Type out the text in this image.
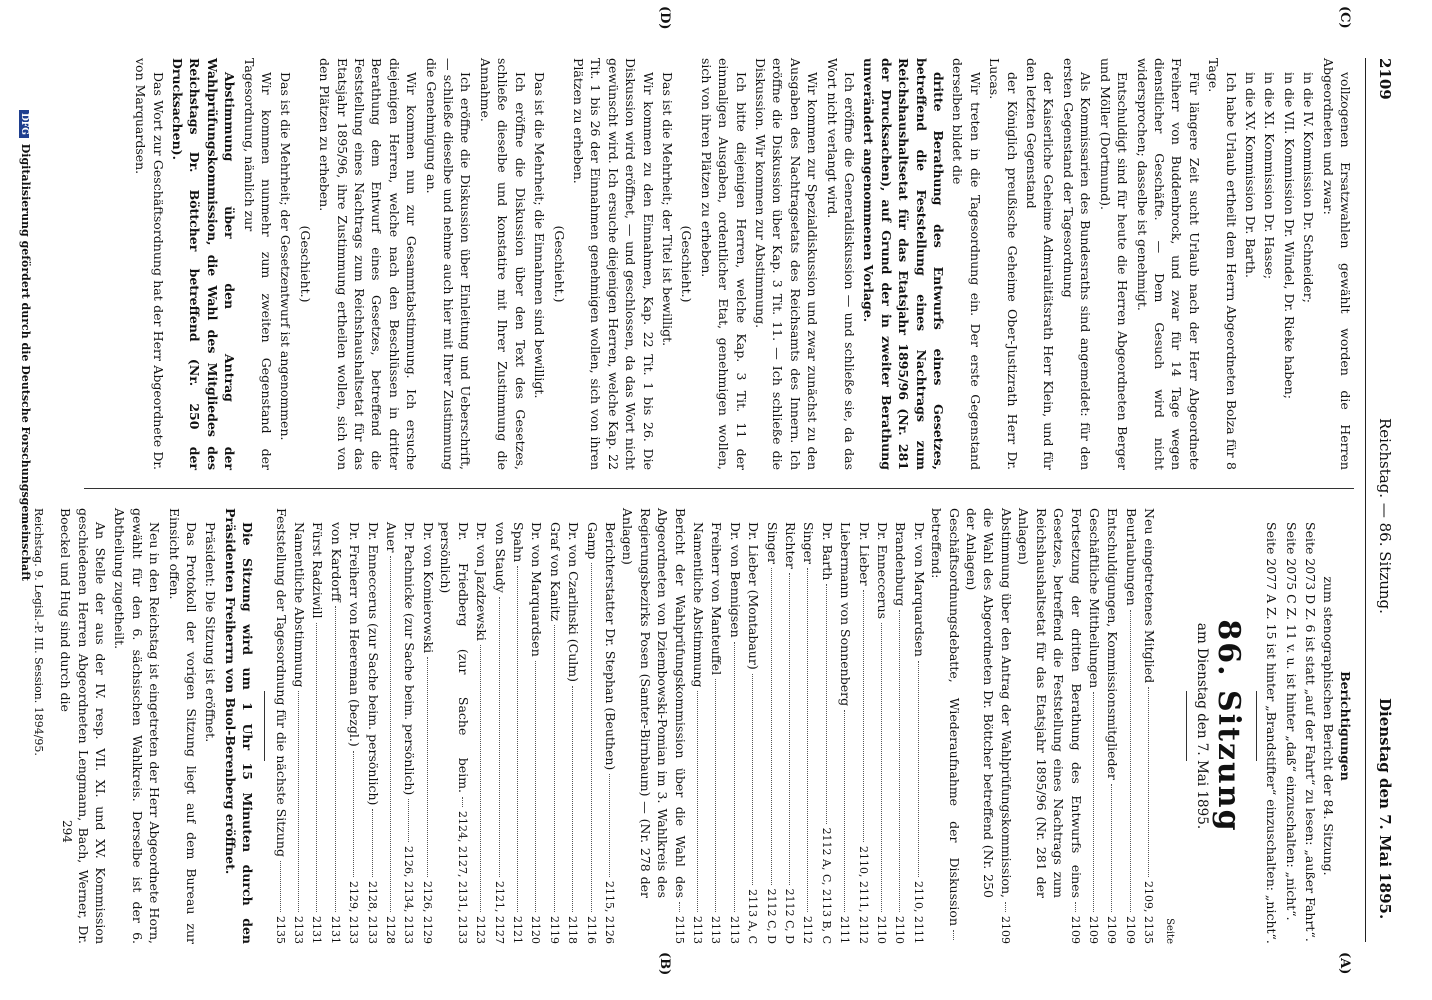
2109
Reichstag. — 86. Sitzung.
Dienstag den 7. Mai 1895.
(C)
(D)
(A)
(B)
Berichtigungen
zum stenographischen Bericht der 84. Sitzung.

Seite 2073 D Z. 6 ist statt „auf der Fahrt“ zu lesen: „außer Fahrt“.

Seite 2075 C Z. 11 v. u. ist hinter „daß“ einzuschalten: „nicht“.

Seite 2077 A Z. 15 ist hinter „Brandstifter“ einzuschalten: „nicht“.

86. Sitzung
am Dienstag den 7. Mai 1895.
Seite
Neu eingetretenes Mitglied
2109, 2135
Beurlaubungen
2109
Entschuldigungen, Kommissionsmitglieder
2109
Geschäftliche Mittheilungen
2109
Fortsetzung der dritten Berathung des Entwurfs eines Gesetzes, betreffend die Feststellung eines Nachtrags zum Reichshaushaltsetat für das Etatsjahr 1895/96 (Nr. 281 der Anlagen)
2109
Abstimmung über den Antrag der Wahlprüfungskommission, die Wahl des Abgeordneten Dr. Böttcher betreffend (Nr. 250 der Anlagen)
2109
Geschäftsordnungsdebatte, Wiederaufnahme der Diskussion betreffend:
Dr. von Marquardsen
2110, 2111
Brandenburg
2110
Dr. Enneccerus
2110
Dr. Lieber
2110, 2111, 2112
Liebermann von Sonnenberg
2111
Dr. Barth
2112 A, C, 2113 B, C
Singer
2112
Richter
2112 C, D
Singer
2112 C, D
Dr. Lieber (Montabaur)
2113 A, C
Dr. von Bennigsen
2113
Freiherr von Manteuffel
2113
Namentliche Abstimmung
2113
Bericht der Wahlprüfungskommission über die Wahl des Abgeordneten von Dziembowski-Pomian im 3. Wahlkreis des Regierungsbezirks Posen (Samter-Birnbaum) — (Nr. 278 der Anlagen)
2115
Berichterstatter Dr. Stephan (Beuthen)
2115, 2126
Gamp
2116
Dr. von Czarlinski (Culm)
2118
Graf von Kanitz
2119
Dr. von Marquardsen
2120
Spahn
2121
von Staudy
2121, 2127
Dr. von Jazdzewski
2123
Dr. Friedberg (zur Sache beim. persönlich)
2124, 2127, 2131, 2133
Dr. von Komierowski
2126, 2129
Dr. Pachnicke (zur Sache beim. persönlich)
2126, 2134, 2133
Auer
2128
Dr. Enneccerus (zur Sache beim. persönlich)
2128, 2133
Dr. Freiherr von Heereman (bezgl.)
2129, 2133
von Kardorff
2131
Fürst Radziwill
2131
Namentliche Abstimmung
2133
Feststellung der Tagesordnung für die nächste Sitzung
2135

Die Sitzung wird um 1 Uhr 15 Minuten durch den Präsidenten Freiherrn von Buol-Berenberg eröffnet.

Präsident: Die Sitzung ist eröffnet.

Das Protokoll der vorigen Sitzung liegt auf dem Bureau zur Einsicht offen.

Neu in den Reichstag ist eingetreten der Herr Abgeordnete Horn, gewählt für den 6. sächsischen Wahlkreis. Derselbe ist der 6. Abtheilung zugetheilt.

An Stelle der aus der IV. resp. VII. XI. und XV. Kommission geschiedenen Herren Abgeordneten Lengmann, Bach, Werner, Dr. Boeckel und Hug sind durch die

Reichstag. 9. Legisl.-P. III. Session. 1894/95.

vollzogenen Ersatzwahlen gewählt worden die Herren Abgeordneten und zwar:

in die IV. Kommission Dr. Schneider;

in die VII. Kommission Dr. Windel, Dr. Rieke haben;

in die XI. Kommission Dr. Hasse;

in die XV. Kommission Dr. Barth.

Ich habe Urlaub ertheilt dem Herrn Abgeordneten Bolza für 8 Tage.

Für längere Zeit sucht Urlaub nach der Herr Abgeordnete Freiherr von Buddenbrock, und zwar für 14 Tage wegen dienstlicher Geschäfte. — Dem Gesuch wird nicht widersprochen; dasselbe ist genehmigt.

Entschuldigt sind für heute die Herren Abgeordneten Berger und Möller (Dortmund).

Als Kommissarien des Bundesraths sind angemeldet: für den ersten Gegenstand der Tagesordnung

der Kaiserliche Geheime Admiralitätsrath Herr Klein, und für den letzten Gegenstand

der Königlich preußische Geheime Ober-Justizrath Herr Dr. Lucas.

Wir treten in die Tagesordnung ein. Der erste Gegenstand derselben bildet die

dritte Berathung des Entwurfs eines Gesetzes, betreffend die Feststellung eines Nachtrags zum Reichshaushaltsetat für das Etatsjahr 1895/96 (Nr. 281 der Drucksachen), auf Grund der in zweiter Berathung unverändert angenommenen Vorlage.

Ich eröffne die Generaldiskussion — und schließe sie, da das Wort nicht verlangt wird.

Wir kommen zur Spezialdiskussion und zwar zunächst zu den Ausgaben des Nachtragsetats des Reichsamts des Innern. Ich eröffne die Diskussion über Kap. 3 Tit. 11. — Ich schließe die Diskussion. Wir kommen zur Abstimmung.

Ich bitte diejenigen Herren, welche Kap. 3 Tit. 11 der einmaligen Ausgaben, ordentlicher Etat, genehmigen wollen, sich von ihren Plätzen zu erheben.

(Geschieht.)

Das ist die Mehrheit; der Titel ist bewilligt.

Wir kommen zu den Einnahmen, Kap. 22 Tit. 1 bis 26. Die Diskussion wird eröffnet, — und geschlossen, da das Wort nicht gewünscht wird. Ich ersuche diejenigen Herren, welche Kap. 22 Tit. 1 bis 26 der Einnahmen genehmigen wollen, sich von ihren Plätzen zu erheben.

(Geschieht.)

Das ist die Mehrheit; die Einnahmen sind bewilligt.

Ich eröffne die Diskussion über den Text des Gesetzes, schließe dieselbe und konstatire mit Ihrer Zustimmung die Annahme.

Ich eröffne die Diskussion über Einleitung und Ueberschrift, — schließe dieselbe und nehme auch hier mit Ihrer Zustimmung die Genehmigung an.

Wir kommen nun zur Gesammtabstimmung. Ich ersuche diejenigen Herren, welche nach den Beschlüssen in dritter Berathung dem Entwurf eines Gesetzes, betreffend die Feststellung eines Nachtrags zum Reichshaushaltsetat für das Etatsjahr 1895/96, ihre Zustimmung ertheilen wollen, sich von den Plätzen zu erheben.

(Geschieht.)

Das ist die Mehrheit; der Gesetzentwurf ist angenommen.

Wir kommen nunmehr zum zweiten Gegenstand der Tagesordnung, nämlich zur

Abstimmung über den Antrag der Wahlprüfungskommission, die Wahl des Mitgliedes des Reichstags Dr. Böttcher betreffend (Nr. 250 der Drucksachen).

Das Wort zur Geschäftsordnung hat der Herr Abgeordnete Dr. von Marquardsen.

294
DFG Digitalisierung gefördert durch die Deutsche Forschungsgemeinschaft
